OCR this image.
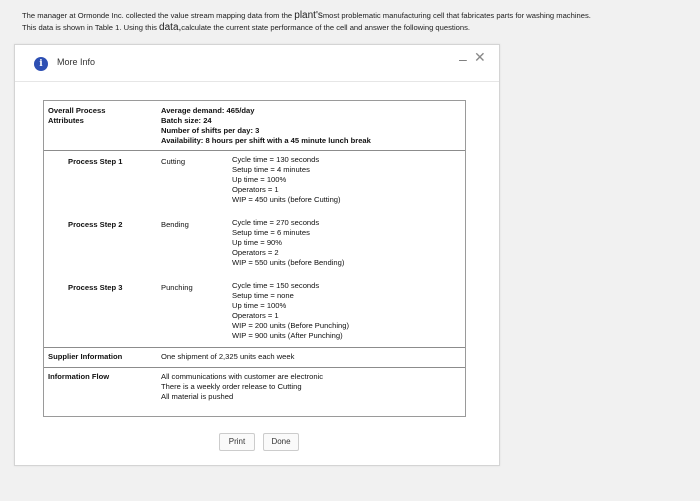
The manager at Ormonde Inc. collected the value stream mapping data from the plant'smost problematic manufacturing cell that fabricates parts for washing machines.
This data is shown in Table 1. Using this data,calculate the current state performance of the cell and answer the following questions.
i	More Info	– ✕
Overall Process
Attributes
Average demand: 465/day
Batch size: 24
Number of shifts per day: 3
Availability: 8 hours per shift with a 45 minute lunch break
Process Step 1	Cutting	Cycle time = 130 seconds
Setup time = 4 minutes
Up time = 100%
Operators = 1
WIP = 450 units (before Cutting)
Process Step 2	Bending	Cycle time = 270 seconds
Setup time = 6 minutes
Up time = 90%
Operators = 2
WIP = 550 units (before Bending)
Process Step 3	Punching	Cycle time = 150 seconds
Setup time = none
Up time = 100%
Operators = 1
WIP = 200 units (Before Punching)
WIP = 900 units (After Punching)
Supplier Information	One shipment of 2,325 units each week
Information Flow	All communications with customer are electronic
There is a weekly order release to Cutting
All material is pushed
Print	Done
